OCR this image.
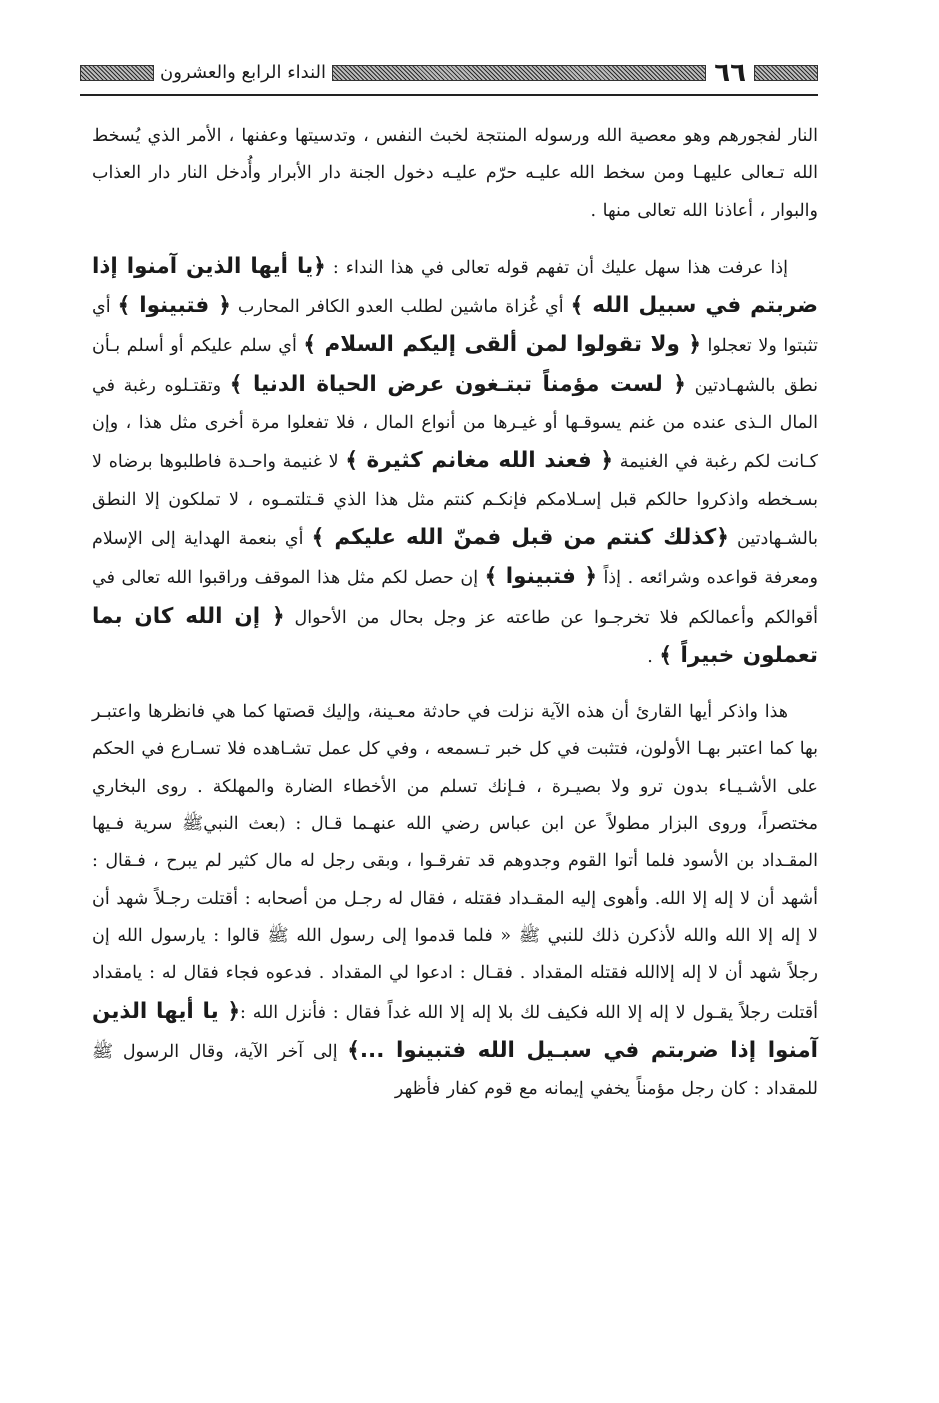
٦٦
النداء الرابع والعشرون

النار لفجورهم وهو معصية الله ورسوله المنتجة لخبث النفس ، وتدسيتها وعفنها ، الأمر الذي يُسخط الله تـعالى عليهـا ومن سخط الله عليـه حرّم عليـه دخول الجنة دار الأبرار وأُدخل النار دار العذاب والبوار ، أعاذنا الله تعالى منها .

إذا عرفت هذا سهل عليك أن تفهم قوله تعالى في هذا النداء : ﴿يا أيها الذين آمنوا إذا ضربتم في سبيل الله ﴾ أي غُزاة ماشين لطلب العدو الكافر المحارب ﴿ فتبينوا ﴾ أي تثبتوا ولا تعجلوا ﴿ ولا تقولوا لمن ألقى إليكم السلام ﴾ أي سلم عليكم أو أسلم بـأن نطق بالشهـادتين ﴿ لست مؤمناً تبتـغون عرض الحياة الدنيا ﴾ وتقتـلوه رغبة في المال الـذى عنده من غنم يسوقـها أو غيـرها من أنواع المال ، فلا تفعلوا مرة أخرى مثل هذا ، وإن كـانت لكم رغبة في الغنيمة ﴿ فعند الله مغانم كثيرة ﴾ لا غنيمة واحـدة فاطلبوها برضاه لا بسـخطه واذكروا حالكم قبل إسـلامكم فإنكـم كنتم مثل هذا الذي قـتلتمـوه ، لا تملكون إلا النطق بالشـهادتين ﴿كذلك كنتم من قبل فمنّ الله عليكم ﴾ أي بنعمة الهداية إلى الإسلام ومعرفة قواعده وشرائعه . إذاً ﴿ فتبينوا ﴾ إن حصل لكم مثل هذا الموقف وراقبوا الله تعالى في أقوالكم وأعمالكم فلا تخرجـوا عن طاعته عز وجل بحال من الأحوال ﴿ إن الله كان بما تعملون خبيراً ﴾ .

هذا واذكر أيها القارئ أن هذه الآية نزلت في حادثة معـينة، وإليك قصتها كما هي فانظرها واعتبـر بها كما اعتبر بهـا الأولون، فتثبت في كل خبر تـسمعه ، وفي كل عمل تشـاهده فلا تسـارع في الحكم على الأشـيـاء بدون ترو ولا بصيـرة ، فـإنك تسلم من الأخطاء الضارة والمهلكة . روى البخاري مختصراً، وروى البزار مطولاً عن ابن عباس رضي الله عنهـما قـال : (بعث النبيﷺ سرية فـيها المقـداد بن الأسود فلما أتوا القوم وجدوهم قد تفرقـوا ، وبقى رجل له مال كثير لم يبرح ، فـقال : أشهد أن لا إله إلا الله. وأهوى إليه المقـداد فقتله ، فقال له رجـل من أصحابه : أقتلت رجـلاً شهد أن لا إله إلا الله والله لأذكرن ذلك للنبي ﷺ « فلما قدموا إلى رسول الله ﷺ قالوا : يارسول الله إن رجلاً شهد أن لا إله إلاالله فقتله المقداد . فقـال : ادعوا لي المقداد . فدعوه فجاء فقال له : يامقداد أقتلت رجلاً يقـول لا إله إلا الله فكيف لك بلا إله إلا الله غداً فقال : فأنزل الله :﴿ يا أيها الذين آمنوا إذا ضربتم في سبـيل الله فتبينوا ...﴾ إلى آخر الآية، وقال الرسول ﷺ للمقداد : كان رجل مؤمناً يخفي إيمانه مع قوم كفار فأظهر
